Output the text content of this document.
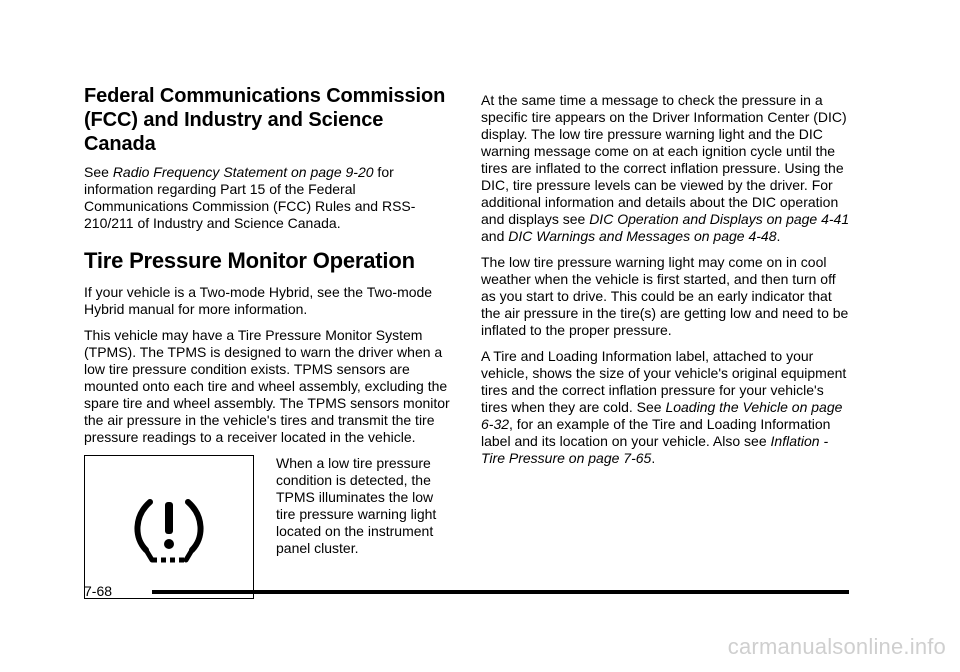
Federal Communications Commission
(FCC) and Industry and Science Canada

See Radio Frequency Statement on page 9-20 for information regarding Part 15 of the Federal Communications Commission (FCC) Rules and RSS-210/211 of Industry and Science Canada.

Tire Pressure Monitor Operation

If your vehicle is a Two-mode Hybrid, see the Two-mode Hybrid manual for more information.

This vehicle may have a Tire Pressure Monitor System (TPMS). The TPMS is designed to warn the driver when a low tire pressure condition exists. TPMS sensors are mounted onto each tire and wheel assembly, excluding the spare tire and wheel assembly. The TPMS sensors monitor the air pressure in the vehicle's tires and transmit the tire pressure readings to a receiver located in the vehicle.

When a low tire pressure condition is detected, the TPMS illuminates the low tire pressure warning light located on the instrument panel cluster.

At the same time a message to check the pressure in a specific tire appears on the Driver Information Center (DIC) display. The low tire pressure warning light and the DIC warning message come on at each ignition cycle until the tires are inflated to the correct inflation pressure. Using the DIC, tire pressure levels can be viewed by the driver. For additional information and details about the DIC operation and displays see DIC Operation and Displays on page 4-41 and DIC Warnings and Messages on page 4-48.

The low tire pressure warning light may come on in cool weather when the vehicle is first started, and then turn off as you start to drive. This could be an early indicator that the air pressure in the tire(s) are getting low and need to be inflated to the proper pressure.

A Tire and Loading Information label, attached to your vehicle, shows the size of your vehicle's original equipment tires and the correct inflation pressure for your vehicle's tires when they are cold. See Loading the Vehicle on page 6-32, for an example of the Tire and Loading Information label and its location on your vehicle. Also see Inflation - Tire Pressure on page 7-65.

7-68
carmanualsonline.info
